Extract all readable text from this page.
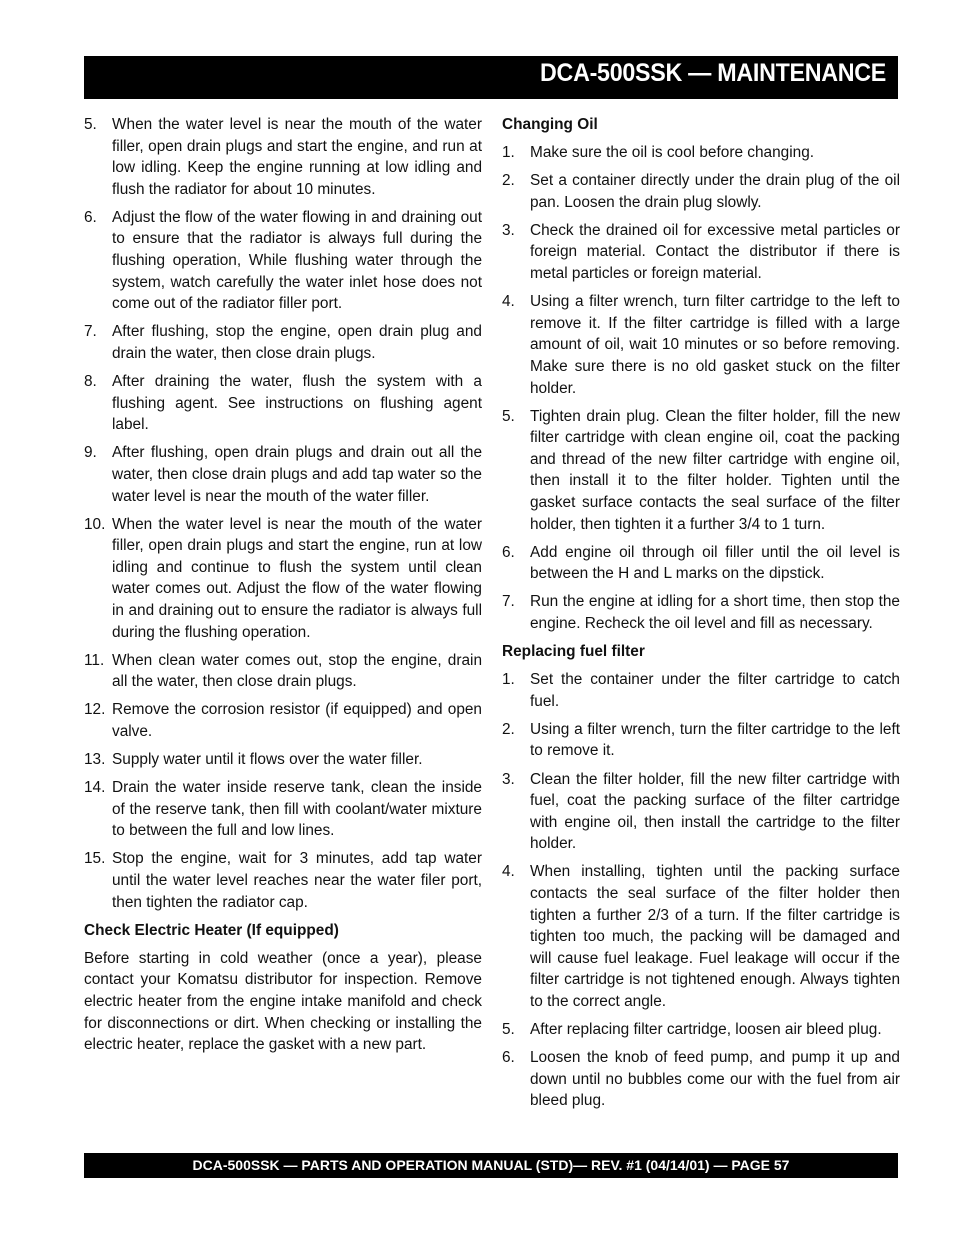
DCA-500SSK — MAINTENANCE
5. When the water level is near the mouth of the water filler, open drain plugs and start the engine, and run at low idling. Keep the engine running at low idling and flush the radiator for about 10 minutes.
6. Adjust the flow of the water flowing in and draining out to ensure that the radiator is always full during the flushing operation, While flushing water through the system, watch carefully the water inlet hose does not come out of the radiator filler port.
7. After flushing, stop the engine, open drain plug and drain the water, then close drain plugs.
8. After draining the water, flush the system with a flushing agent. See instructions on flushing agent label.
9. After flushing, open drain plugs and drain out all the water, then close drain plugs and add tap water so the water level is near the mouth of the water filler.
10. When the water level is near the mouth of the water filler, open drain plugs and start the engine, run at low idling and continue to flush the system until clean water comes out. Adjust the flow of the water flowing in and draining out to ensure the radiator is always full during the flushing operation.
11. When clean water comes out, stop the engine, drain all the water, then close drain plugs.
12. Remove the corrosion resistor (if equipped) and open valve.
13. Supply water until it flows over the water filler.
14. Drain the water inside reserve tank, clean the inside of the reserve tank, then fill with coolant/water mixture to between the full and low lines.
15. Stop the engine, wait for 3 minutes, add tap water until the water level reaches near the water filer port, then tighten the radiator cap.
Check Electric Heater (If equipped)

Before starting in cold weather (once a year), please contact your Komatsu distributor for inspection. Remove electric heater from the engine intake manifold and check for disconnections or dirt. When checking or installing the electric heater, replace the gasket with a new part.

Changing Oil
1. Make sure the oil is cool before changing.
2. Set a container directly under the drain plug of the oil pan. Loosen the drain plug slowly.
3. Check the drained oil for excessive metal particles or foreign material. Contact the distributor if there is metal particles or foreign material.
4. Using a filter wrench, turn filter cartridge to the left to remove it. If the filter cartridge is filled with a large amount of oil, wait 10 minutes or so before removing. Make sure there is no old gasket stuck on the filter holder.
5. Tighten drain plug. Clean the filter holder, fill the new filter cartridge with clean engine oil, coat the packing and thread of the new filter cartridge with engine oil, then install it to the filter holder. Tighten until the gasket surface contacts the seal surface of the filter holder, then tighten it a further 3/4 to 1 turn.
6. Add engine oil through oil filler until the oil level is between the H and L marks on the dipstick.
7. Run the engine at idling for a short time, then stop the engine. Recheck the oil level and fill as necessary.
Replacing fuel filter
1. Set the container under the filter cartridge to catch fuel.
2. Using a filter wrench, turn the filter cartridge to the left to remove it.
3. Clean the filter holder, fill the new filter cartridge with fuel, coat the packing surface of the filter cartridge with engine oil, then install the cartridge to the filter holder.
4. When installing, tighten until the packing surface contacts the seal surface of the filter holder then tighten a further 2/3 of a turn. If the filter cartridge is tighten too much, the packing will be damaged and will cause fuel leakage. Fuel leakage will occur if the filter cartridge is not tightened enough. Always tighten to the correct angle.
5. After replacing filter cartridge, loosen air bleed plug.
6. Loosen the knob of feed pump, and pump it up and down until no bubbles come our with the fuel from air bleed plug.
DCA-500SSK — PARTS AND OPERATION MANUAL (STD)— REV. #1 (04/14/01) — PAGE 57
